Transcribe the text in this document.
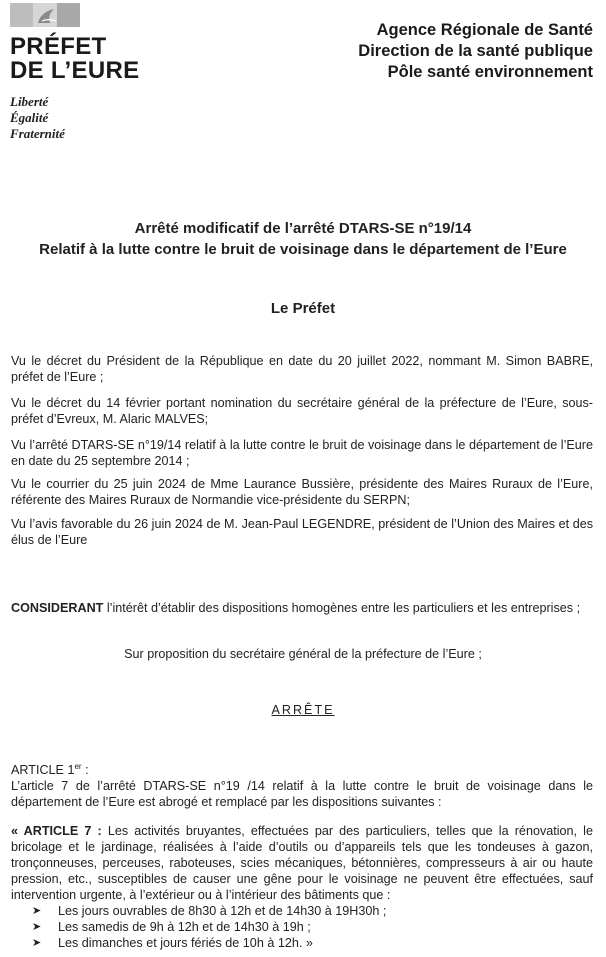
PRÉFET
DE L’EURE
Liberté
Égalité
Fraternité
Agence Régionale de Santé
Direction de la santé publique
Pôle santé environnement
Arrêté modificatif de l’arrêté DTARS-SE n°19/14
Relatif à la lutte contre le bruit de voisinage dans le département de l’Eure
Le Préfet
Vu le décret du Président de la République en date du 20 juillet 2022, nommant M. Simon BABRE, préfet de l’Eure ;
Vu le décret du 14 février portant nomination du secrétaire général de la préfecture de l’Eure, sous-préfet d’Evreux, M. Alaric MALVES;
Vu l’arrêté DTARS-SE n°19/14 relatif à la lutte contre le bruit de voisinage dans le département de l’Eure en date du 25 septembre 2014 ;
Vu le courrier du 25 juin 2024 de Mme Laurance Bussière, présidente des Maires Ruraux de l’Eure, référente des Maires Ruraux de Normandie vice-présidente du SERPN;
Vu l’avis favorable du 26 juin 2024 de M. Jean-Paul LEGENDRE, président de l’Union des Maires et des élus de l’Eure
CONSIDERANT l’intérêt d’établir des dispositions homogènes entre les particuliers et les entreprises ;
Sur proposition du secrétaire général de la préfecture de l’Eure ;
ARRÊTE
ARTICLE 1er :
L’article 7 de l’arrêté DTARS-SE n°19 /14 relatif à la lutte contre le bruit de voisinage dans le département de l’Eure est abrogé et remplacé par les dispositions suivantes :
« ARTICLE 7 : Les activités bruyantes, effectuées par des particuliers, telles que la rénovation, le bricolage et le jardinage, réalisées à l’aide d’outils ou d’appareils tels que les tondeuses à gazon, tronçonneuses, perceuses, raboteuses, scies mécaniques, bétonnières, compresseurs à air ou haute pression, etc., susceptibles de causer une gêne pour le voisinage ne peuvent être effectuées, sauf intervention urgente, à l’extérieur ou à l’intérieur des bâtiments que :
➤	Les jours ouvrables de 8h30 à 12h et de 14h30 à 19H30h ;
➤	Les samedis de 9h à 12h et de 14h30 à 19h ;
➤	Les dimanches et jours fériés de 10h à 12h. »
